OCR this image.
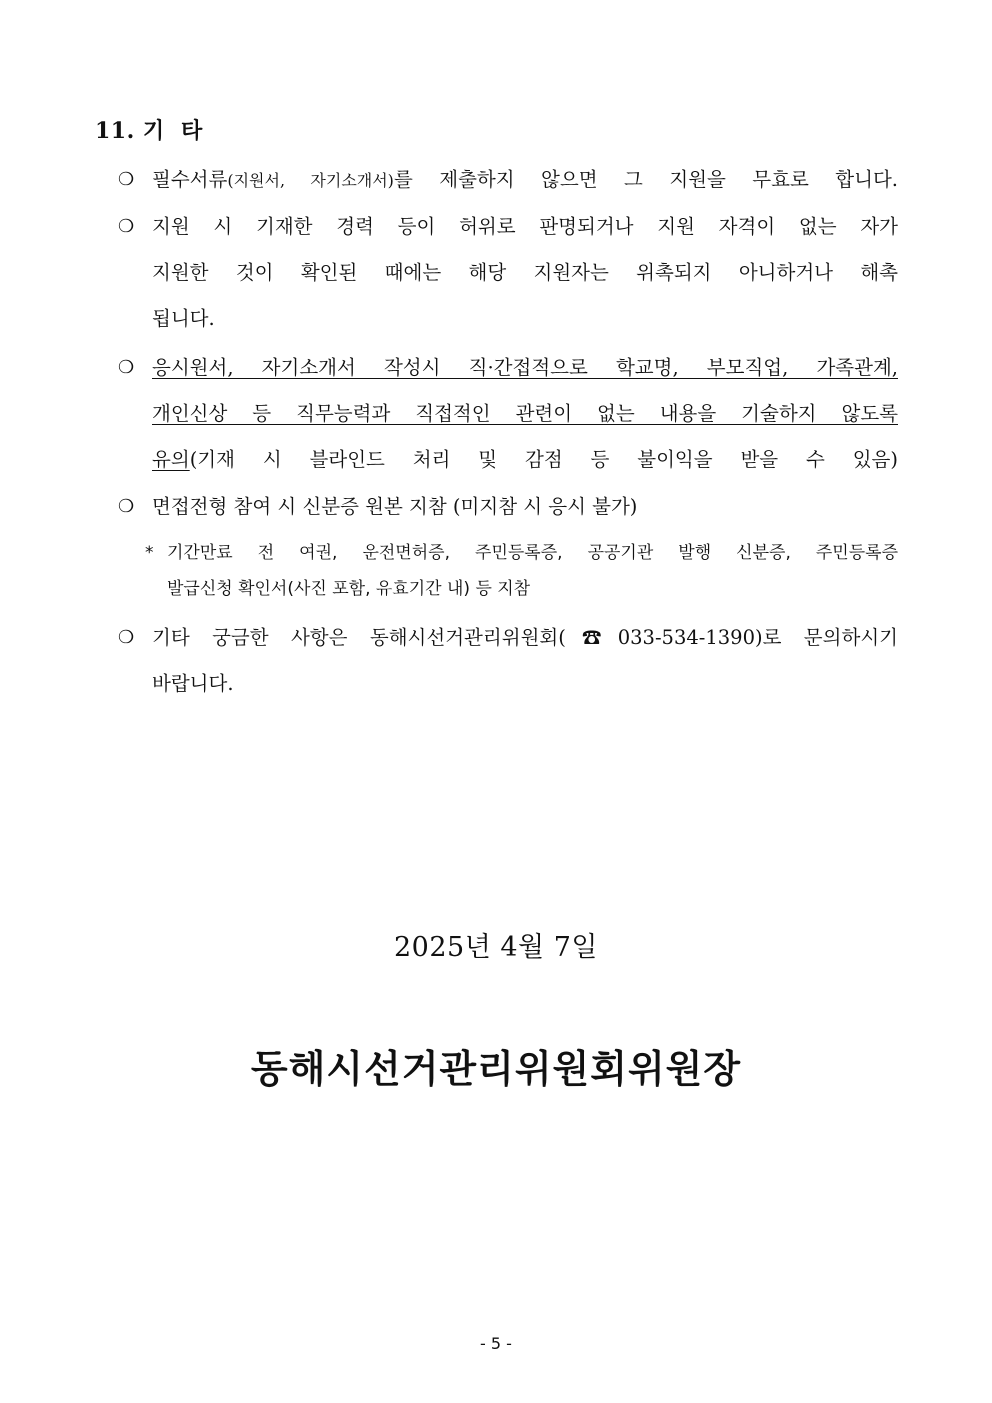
11. 기  타
❍ 필수서류(지원서, 자기소개서)를 제출하지 않으면 그 지원을 무효로 합니다.
❍ 지원 시 기재한 경력 등이 허위로 판명되거나 지원 자격이 없는 자가
지원한 것이 확인된 때에는 해당 지원자는 위촉되지 아니하거나 해촉
됩니다.
❍ 응시원서, 자기소개서 작성시 직·간접적으로 학교명, 부모직업, 가족관계,
개인신상 등 직무능력과 직접적인 관련이 없는 내용을 기술하지 않도록
유의(기재 시 블라인드 처리 및 감점 등 불이익을 받을 수 있음)
❍ 면접전형 참여 시 신분증 원본 지참 (미지참 시 응시 불가)
* 기간만료 전 여권, 운전면허증, 주민등록증, 공공기관 발행 신분증, 주민등록증
발급신청 확인서(사진 포함, 유효기간 내) 등 지참
❍ 기타 궁금한 사항은 동해시선거관리위원회(☎033-534-1390)로 문의하시기
바랍니다.
2025년 4월 7일
동해시선거관리위원회위원장
- 5 -
